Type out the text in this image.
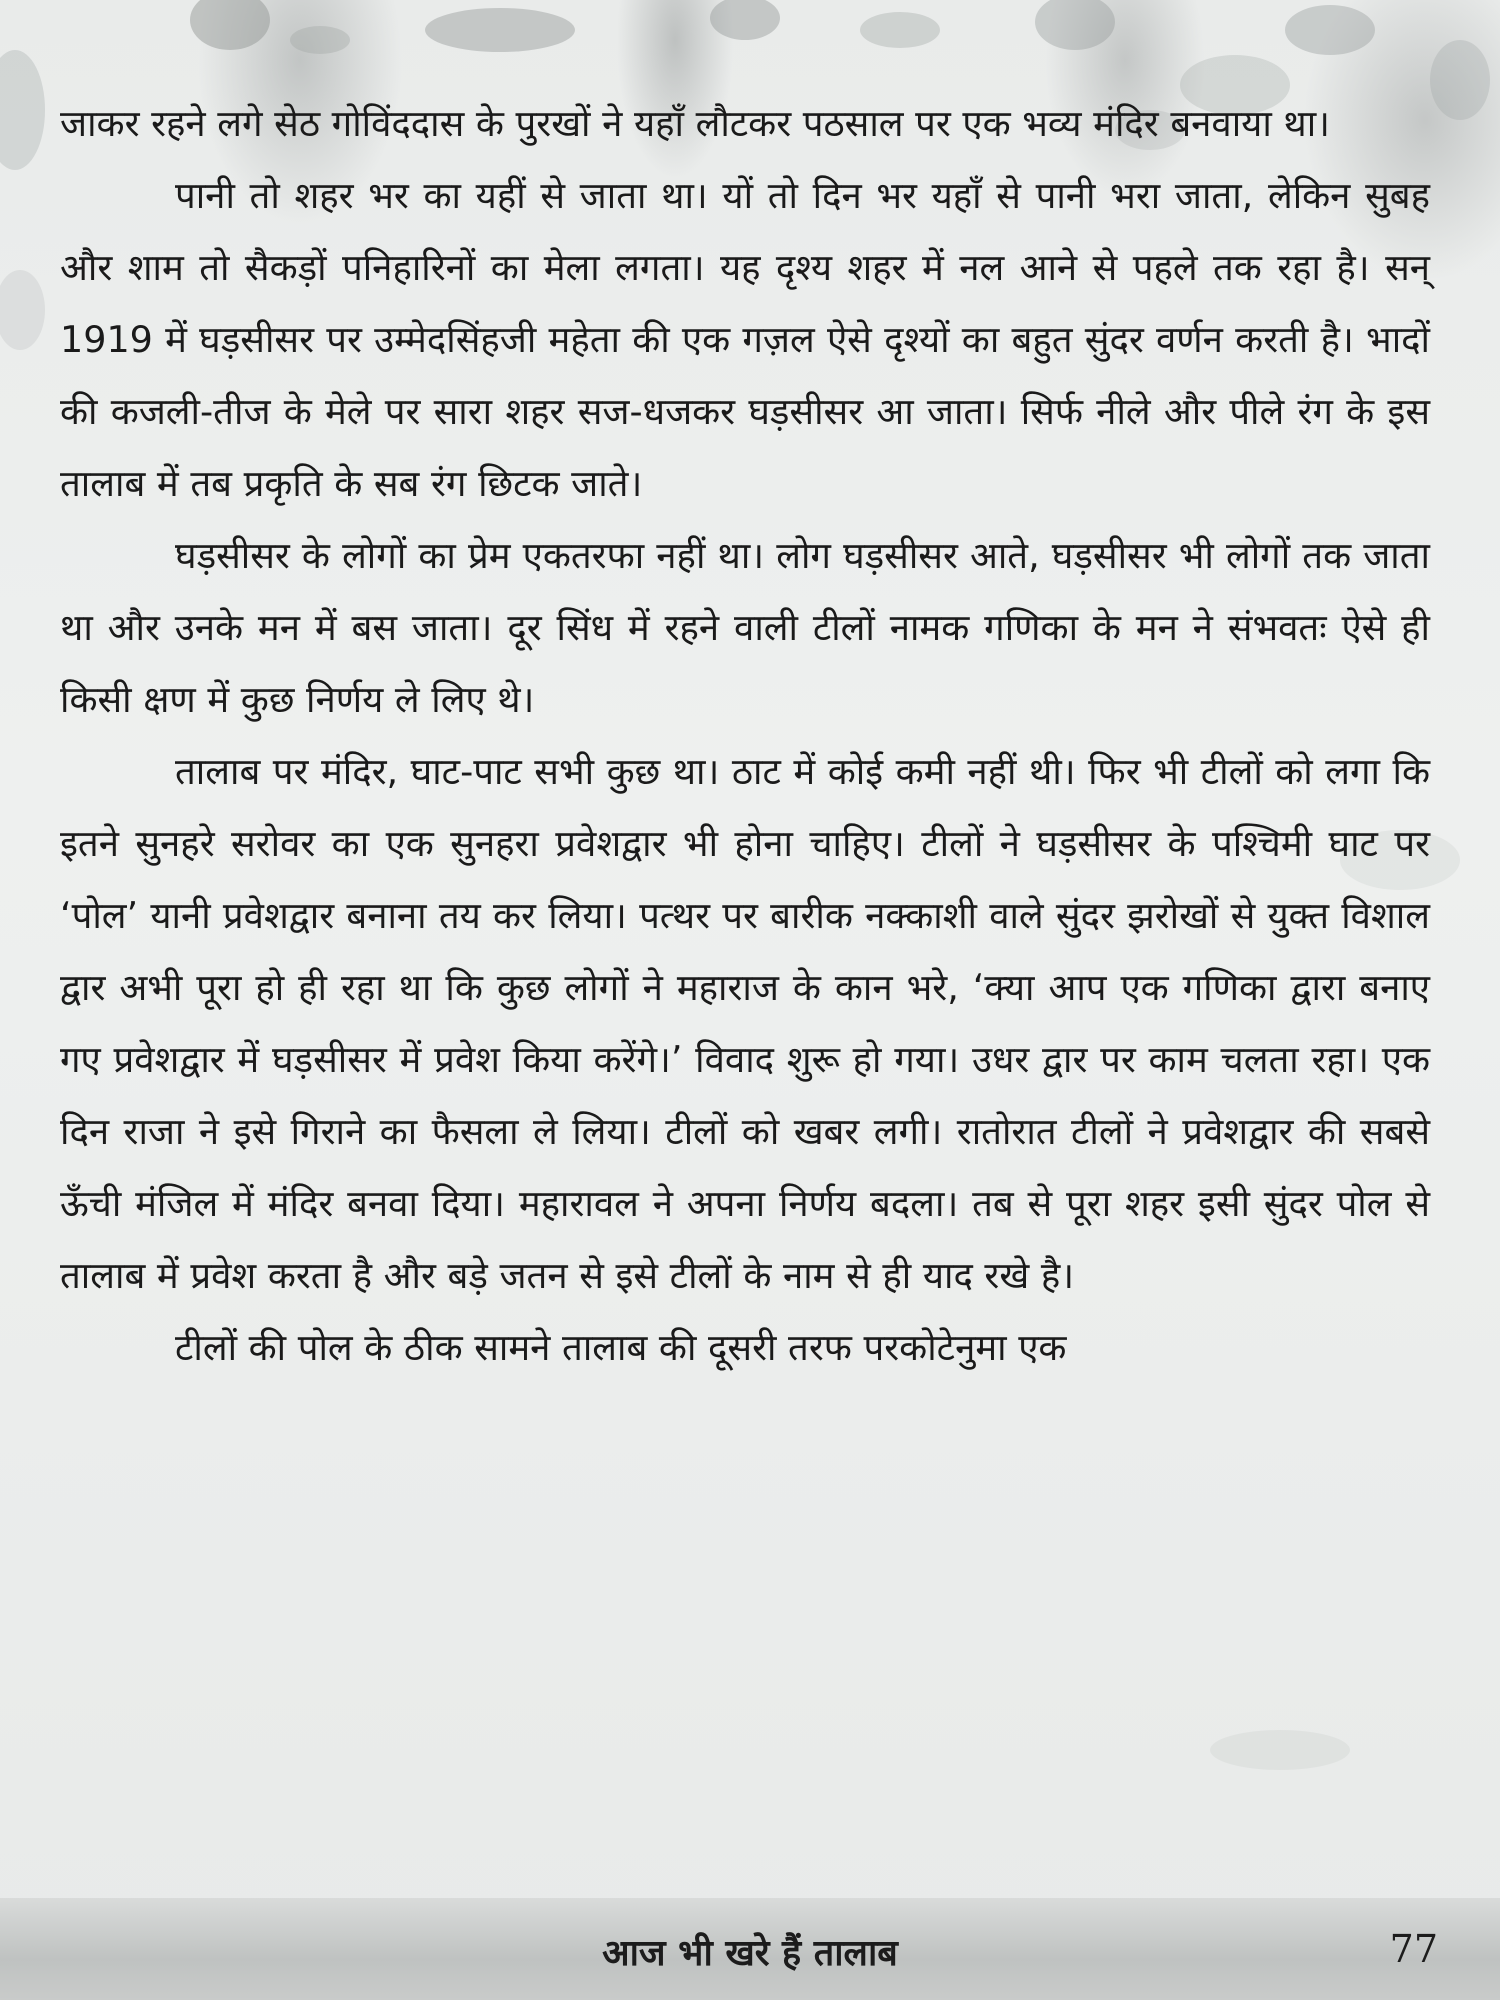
जाकर रहने लगे सेठ गोविंददास के पुरखों ने यहाँ लौटकर पठसाल पर एक भव्य मंदिर बनवाया था।

पानी तो शहर भर का यहीं से जाता था। यों तो दिन भर यहाँ से पानी भरा जाता, लेकिन सुबह और शाम तो सैकड़ों पनिहारिनों का मेला लगता। यह दृश्य शहर में नल आने से पहले तक रहा है। सन् 1919 में घड़सीसर पर उम्मेदसिंहजी महेता की एक गज़ल ऐसे दृश्यों का बहुत सुंदर वर्णन करती है। भादों की कजली-तीज के मेले पर सारा शहर सज-धजकर घड़सीसर आ जाता। सिर्फ नीले और पीले रंग के इस तालाब में तब प्रकृति के सब रंग छिटक जाते।

घड़सीसर के लोगों का प्रेम एकतरफा नहीं था। लोग घड़सीसर आते, घड़सीसर भी लोगों तक जाता था और उनके मन में बस जाता। दूर सिंध में रहने वाली टीलों नामक गणिका के मन ने संभवतः ऐसे ही किसी क्षण में कुछ निर्णय ले लिए थे।

तालाब पर मंदिर, घाट-पाट सभी कुछ था। ठाट में कोई कमी नहीं थी। फिर भी टीलों को लगा कि इतने सुनहरे सरोवर का एक सुनहरा प्रवेशद्वार भी होना चाहिए। टीलों ने घड़सीसर के पश्चिमी घाट पर ‘पोल’ यानी प्रवेशद्वार बनाना तय कर लिया। पत्थर पर बारीक नक्काशी वाले सुंदर झरोखों से युक्त विशाल द्वार अभी पूरा हो ही रहा था कि कुछ लोगों ने महाराज के कान भरे, ‘क्या आप एक गणिका द्वारा बनाए गए प्रवेशद्वार में घड़सीसर में प्रवेश किया करेंगे।’ विवाद शुरू हो गया। उधर द्वार पर काम चलता रहा। एक दिन राजा ने इसे गिराने का फैसला ले लिया। टीलों को खबर लगी। रातोरात टीलों ने प्रवेशद्वार की सबसे ऊँची मंजिल में मंदिर बनवा दिया। महारावल ने अपना निर्णय बदला। तब से पूरा शहर इसी सुंदर पोल से तालाब में प्रवेश करता है और बड़े जतन से इसे टीलों के नाम से ही याद रखे है।

टीलों की पोल के ठीक सामने तालाब की दूसरी तरफ परकोटेनुमा एक

आज भी खरे हैं तालाब	77
